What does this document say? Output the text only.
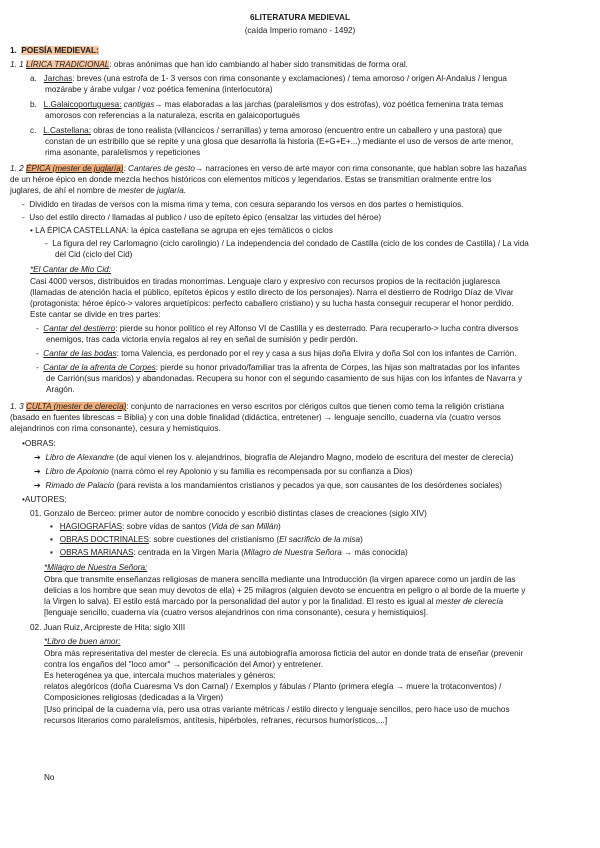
6LITERATURA MEDIEVAL
(caída Imperio romano - 1492)
1. POESÍA MEDIEVAL:
1. 1 LÍRICA TRADICIONAL: obras anónimas que han ido cambiando al haber sido transmitidas de forma oral.
a. Jarchas: breves (una estrofa de 1- 3 versos con rima consonante y exclamaciones) / tema amoroso / origen Al-Andalus / lengua
mozárabe y árabe vulgar / voz poética femenina (interlocutora)
b. L.Galaicoportuguesa: cantigas→ mas elaboradas a las jarchas (paralelismos y dos estrofas), voz poética femenina trata temas
amorosos con referencias a la naturaleza, escrita en galaicoportugués
c. L.Castellana: obras de tono realista (villancicos / serranillas) y tema amoroso (encuentro entre un caballero y una pastora) que
constan de un estribillo que se repite y una glosa que desarrolla la historia (E+G+E+...) mediante el uso de versos de arte menor,
rima asonante, paralelismos y repeticiones
1. 2 ÉPICA (mester de juglaría): Cantares de gesto→ narraciones en verso de arte mayor con rima consonante, que hablan sobre las hazañas
de un héroe épico en donde mezcla hechos históricos con elementos míticos y legendarios. Estas se transmitían oralmente entre los
juglares, de ahí el nombre de mester de juglaría.
- Dividido en tiradas de versos con la misma rima y tema, con cesura separando los versos en dos partes o hemistiquios.
- Uso del estilo directo / llamadas al publico / uso de epíteto épico (ensalzar las virtudes del héroe)
• LA ÉPICA CASTELLANA: la épica castellana se agrupa en ejes temáticos o ciclos
- La figura del rey Carlomagno (ciclo carolingio) / La independencia del condado de Castilla (ciclo de los condes de Castilla) / La vida
del Cid (ciclo del Cid)
*El Cantar de Mio Cid:
Casi 4000 versos, distribuidos en tiradas monorrimas. Lenguaje claro y expresivo con recursos propios de la recitación juglaresca
(llamadas de atención hacia el público, epítetos épicos y estilo directo de los personajes). Narra el destierro de Rodrigo Díaz de Vivar
(protagonista: héroe épico-> valores arquetípicos: perfecto caballero cristiano) y su lucha hasta conseguir recuperar el honor perdido.
Este cantar se divide en tres partes:
- Cantar del destierro: pierde su honor político el rey Alfonso VI de Castilla y es desterrado. Para recuperarlo-> lucha contra diversos
enemigos, tras cada victoria envía regalos al rey en señal de sumisión y pedir perdón.
- Cantar de las bodas: toma Valencia, es perdonado por el rey y casa a sus hijas doña Elvira y doña Sol con los infantes de Carrión.
- Cantar de la afrenta de Corpes: pierde su honor privado/familiar tras la afrenta de Corpes, las hijas son maltratadas por los infantes
de Carrión(sus maridos) y abandonadas. Recupera su honor con el segundo casamiento de sus hijas con los infantes de Navarra y
Aragón.
1. 3 CULTA (mester de clerecía): conjunto de narraciones en verso escritos por clérigos cultos que tienen como tema la religión cristiana
(basado en fuentes librescas = Biblia) y con una doble finalidad (didáctica, entretener) → lenguaje sencillo, cuaderna vía (cuatro versos
alejandrinos con rima consonante), cesura y hemistiquios.
•OBRAS:
➔ Libro de Alexandre (de aquí vienen los v. alejandrinos, biografía de Alejandro Magno, modelo de escritura del mester de clerecía)
➔ Libro de Apolonio (narra cómo el rey Apolonio y su familia es recompensada por su confianza a Dios)
➔ Rimado de Palacio (para revista a los mandamientos cristianos y pecados ya que, son causantes de los desórdenes sociales)
•AUTORES:
01. Gonzalo de Berceo: primer autor de nombre conocido y escribió distintas clases de creaciones (siglo XIV)
▪ HAGIOGRAFÍAS: sobre vidas de santos (Vida de san Millán)
▪ OBRAS DOCTRINALES: sobre cuestiones del cristianismo (El sacrificio de la misa)
▪ OBRAS MARIANAS: centrada en la Virgen María (Milagro de Nuestra Señora → más conocida)
*Milagro de Nuestra Señora:
Obra que transmite enseñanzas religiosas de manera sencilla mediante una Introducción (la virgen aparece como un jardín de las
delicias a los hombre que sean muy devotos de ella) + 25 milagros (alguien devoto se encuentra en peligro o al borde de la muerte y
la Virgen lo salva). El estilo está marcado por la personalidad del autor y por la finalidad. El resto es igual al mester de clerecía
[lenguaje sencillo, cuaderna vía (cuatro versos alejandrinos con rima consonante), cesura y hemistiquios].
02. Juan Ruiz, Arcipreste de Hita: siglo XIII
*Libro de buen amor:
Obra más representativa del mester de clerecía. Es una autobiografía amorosa ficticia del autor en donde trata de enseñar (prevenir
contra los engaños del "loco amor" → personificación del Amor) y entretener.
Es heterogénea ya que, intercala muchos materiales y géneros:
relatos alegóricos (doña Cuaresma Vs don Carnal) / Exemplos y fábulas / Planto (primera elegía → muere la trotaconventos) /
Composiciones religiosas (dedicadas a la Virgen)
[Uso principal de la cuaderna vía, pero usa otras variante métricas / estilo directo y lenguaje sencillos, pero hace uso de muchos
recursos literarios como paralelismos, antítesis, hipérboles, refranes, recursos humorísticos,...]
No
